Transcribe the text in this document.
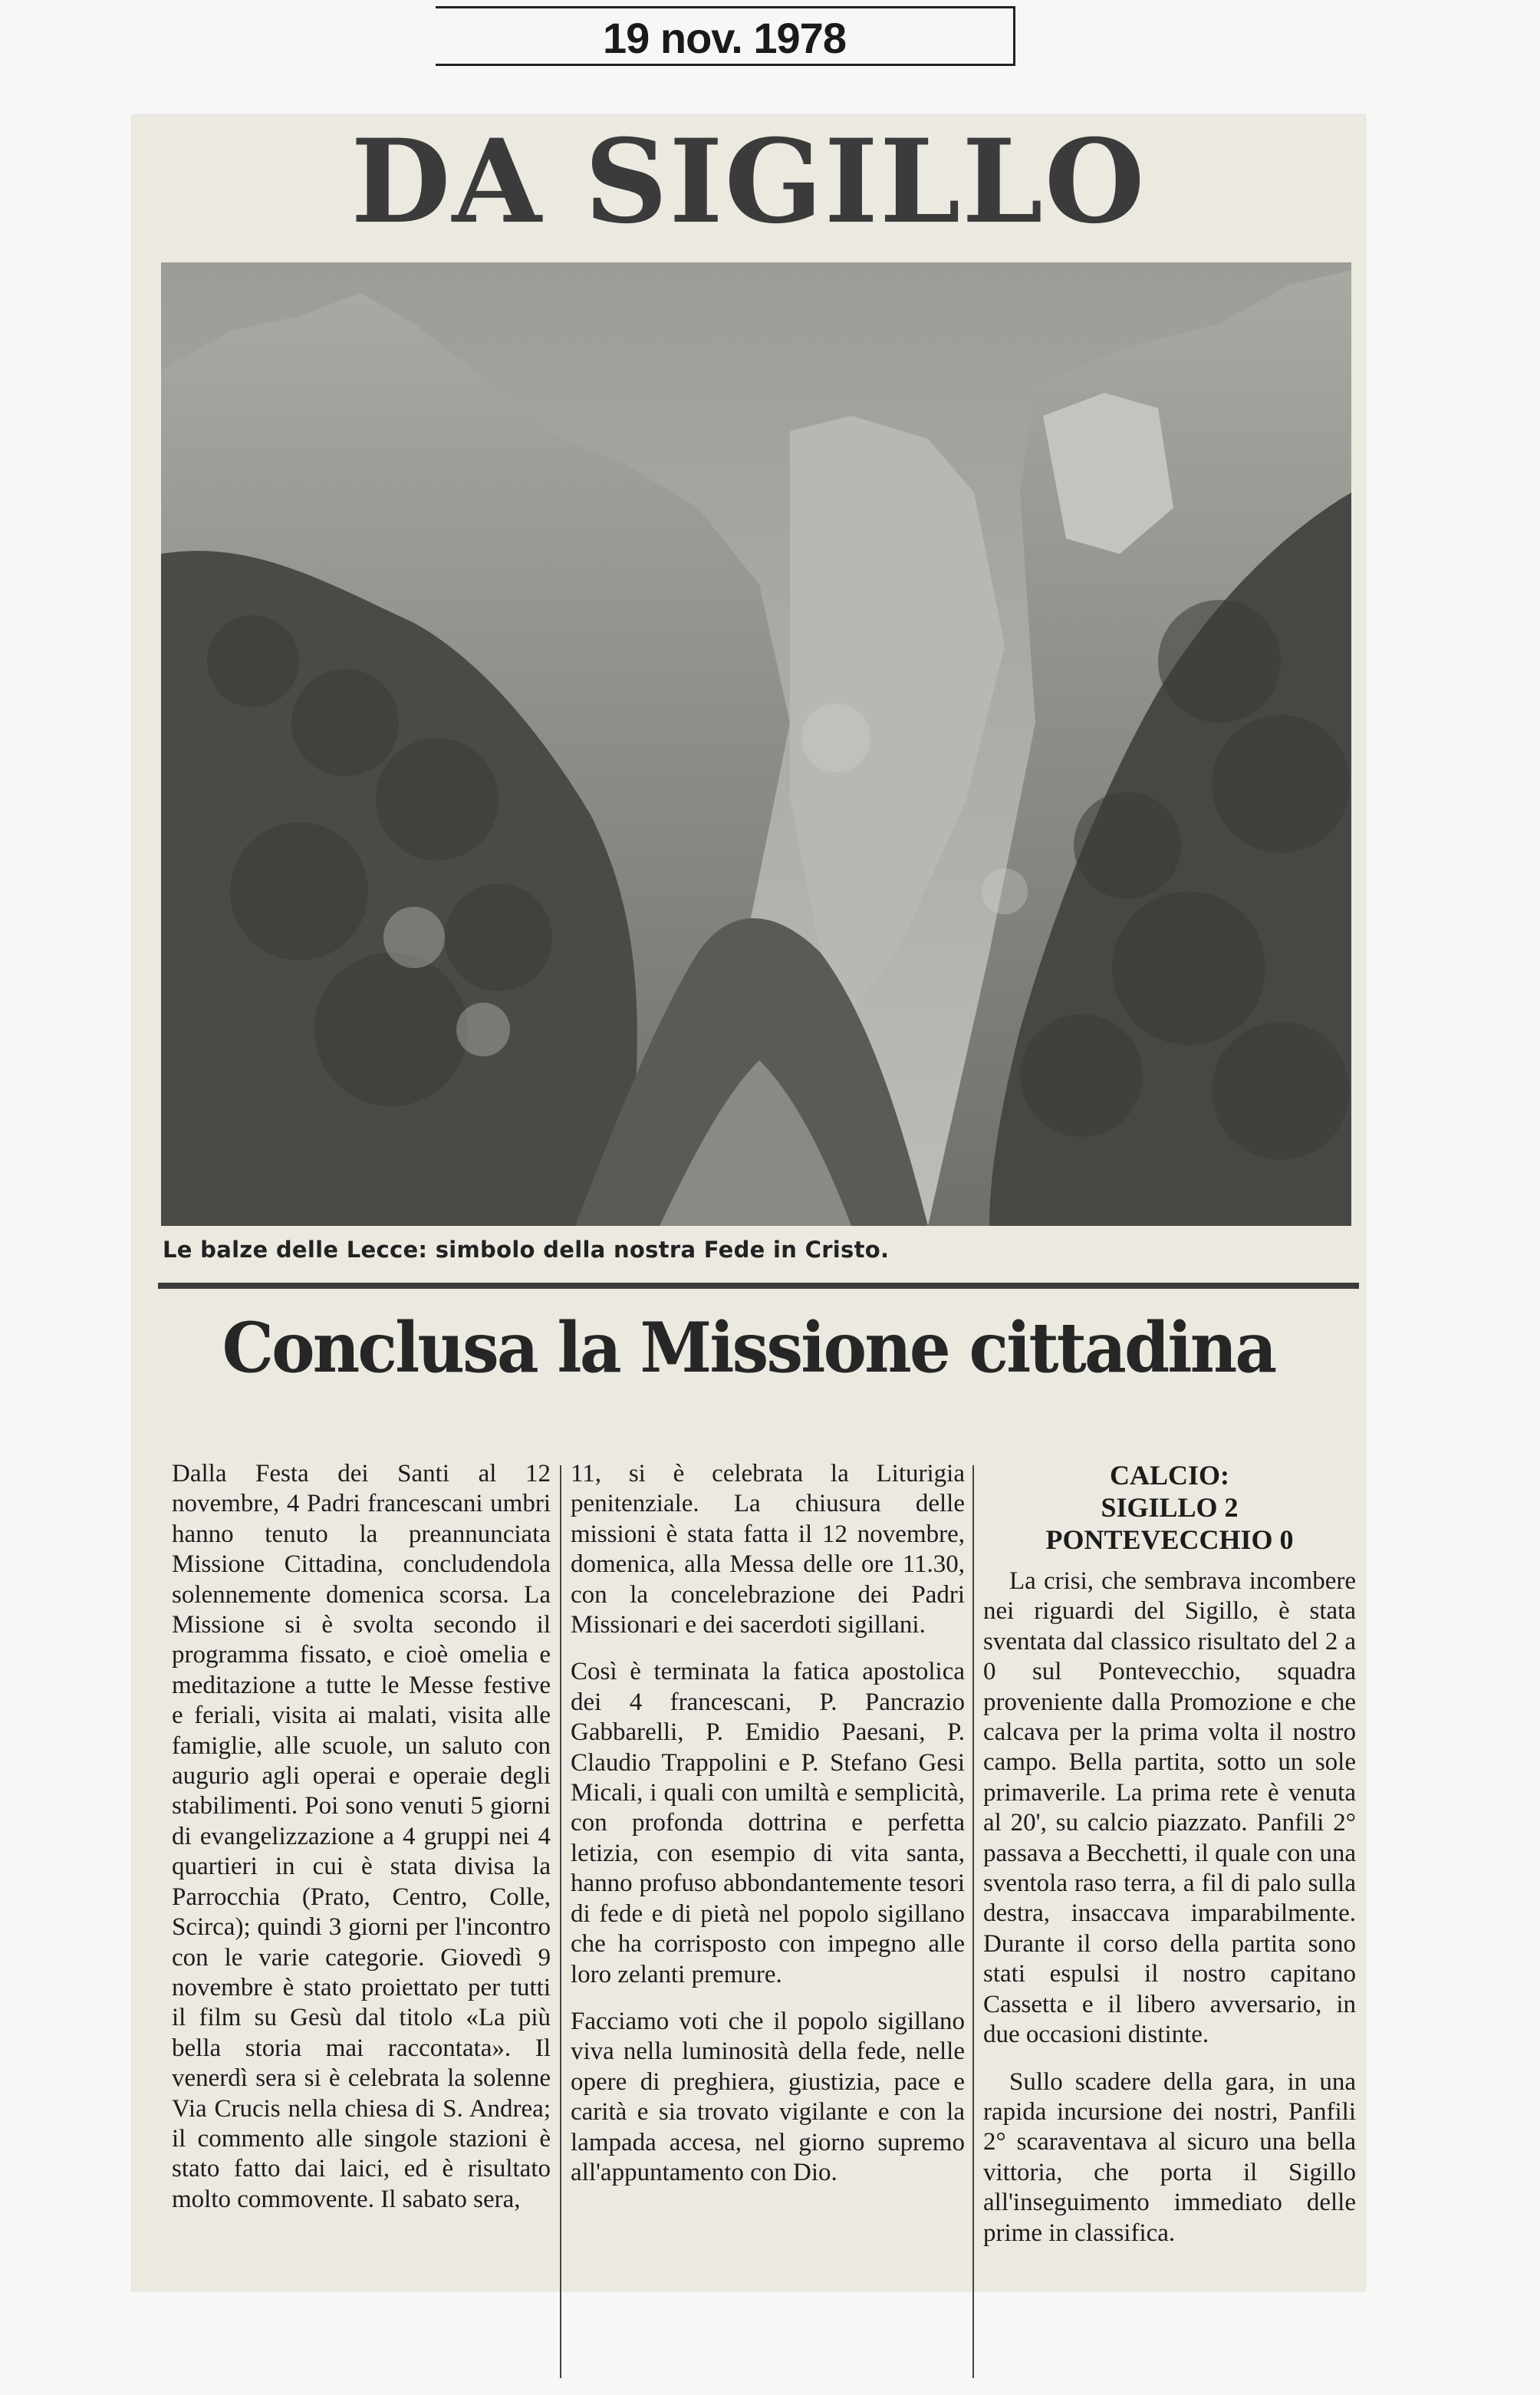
19 nov. 1978
DA SIGILLO
Le balze delle Lecce: simbolo della nostra Fede in Cristo.
Conclusa la Missione cittadina

Dalla Festa dei Santi al 12 novembre, 4 Padri francescani umbri hanno tenuto la preannunciata Missione Cittadina, concludendola solennemente domenica scorsa. La Missione si è svolta secondo il programma fissato, e cioè omelia e meditazione a tutte le Messe festive e feriali, visita ai malati, visita alle famiglie, alle scuole, un saluto con augurio agli operai e operaie degli stabilimenti. Poi sono venuti 5 giorni di evangelizzazione a 4 gruppi nei 4 quartieri in cui è stata divisa la Parrocchia (Prato, Centro, Colle, Scirca); quindi 3 giorni per l'incontro con le varie categorie. Giovedì 9 novembre è stato proiettato per tutti il film su Gesù dal titolo «La più bella storia mai raccontata». Il venerdì sera si è celebrata la solenne Via Crucis nella chiesa di S. Andrea; il commento alle singole stazioni è stato fatto dai laici, ed è risultato molto commovente. Il sabato sera,

11, si è celebrata la Liturigia penitenziale. La chiusura delle missioni è stata fatta il 12 novembre, domenica, alla Messa delle ore 11.30, con la concelebrazione dei Padri Missionari e dei sacerdoti sigillani.

Così è terminata la fatica apostolica dei 4 francescani, P. Pancrazio Gabbarelli, P. Emidio Paesani, P. Claudio Trappolini e P. Stefano Gesi Micali, i quali con umiltà e semplicità, con profonda dottrina e perfetta letizia, con esempio di vita santa, hanno profuso abbondantemente tesori di fede e di pietà nel popolo sigillano che ha corrisposto con impegno alle loro zelanti premure.

Facciamo voti che il popolo sigillano viva nella luminosità della fede, nelle opere di preghiera, giustizia, pace e carità e sia trovato vigilante e con la lampada accesa, nel giorno supremo all'appuntamento con Dio.

CALCIO:
SIGILLO 2
PONTEVECCHIO 0

La crisi, che sembrava incombere nei riguardi del Sigillo, è stata sventata dal classico risultato del 2 a 0 sul Pontevecchio, squadra proveniente dalla Promozione e che calcava per la prima volta il nostro campo. Bella partita, sotto un sole primaverile. La prima rete è venuta al 20', su calcio piazzato. Panfili 2° passava a Becchetti, il quale con una sventola raso terra, a fil di palo sulla destra, insaccava imparabilmente. Durante il corso della partita sono stati espulsi il nostro capitano Cassetta e il libero avversario, in due occasioni distinte.

Sullo scadere della gara, in una rapida incursione dei nostri, Panfili 2° scaraventava al sicuro una bella vittoria, che porta il Sigillo all'inseguimento immediato delle prime in classifica.
